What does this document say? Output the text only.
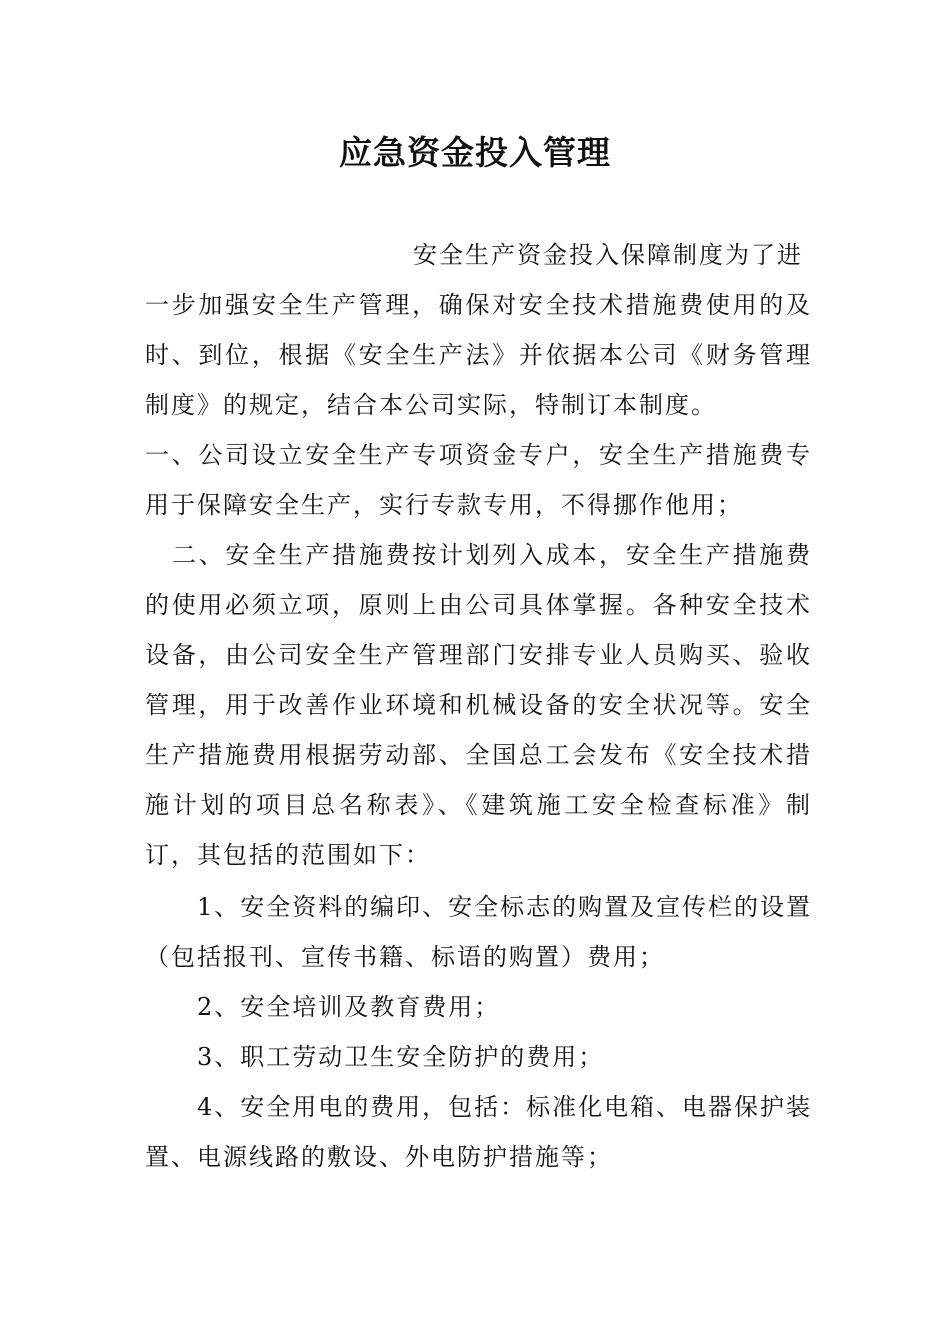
应急资金投入管理
安全生产资金投入保障制度为了进
一步加强安全生产管理，确保对安全技术措施费使用的及
时、到位，根据《安全生产法》并依据本公司《财务管理
制度》的规定，结合本公司实际，特制订本制度。
一、公司设立安全生产专项资金专户，安全生产措施费专
用于保障安全生产，实行专款专用，不得挪作他用；
二、安全生产措施费按计划列入成本，安全生产措施费
的使用必须立项，原则上由公司具体掌握。各种安全技术
设备，由公司安全生产管理部门安排专业人员购买、验收
管理，用于改善作业环境和机械设备的安全状况等。安全
生产措施费用根据劳动部、全国总工会发布《安全技术措
施计划的项目总名称表》、《建筑施工安全检查标准》制
订，其包括的范围如下：
1、安全资料的编印、安全标志的购置及宣传栏的设置
（包括报刊、宣传书籍、标语的购置）费用；
2、安全培训及教育费用；
3、职工劳动卫生安全防护的费用；
4、安全用电的费用，包括：标准化电箱、电器保护装
置、电源线路的敷设、外电防护措施等；
